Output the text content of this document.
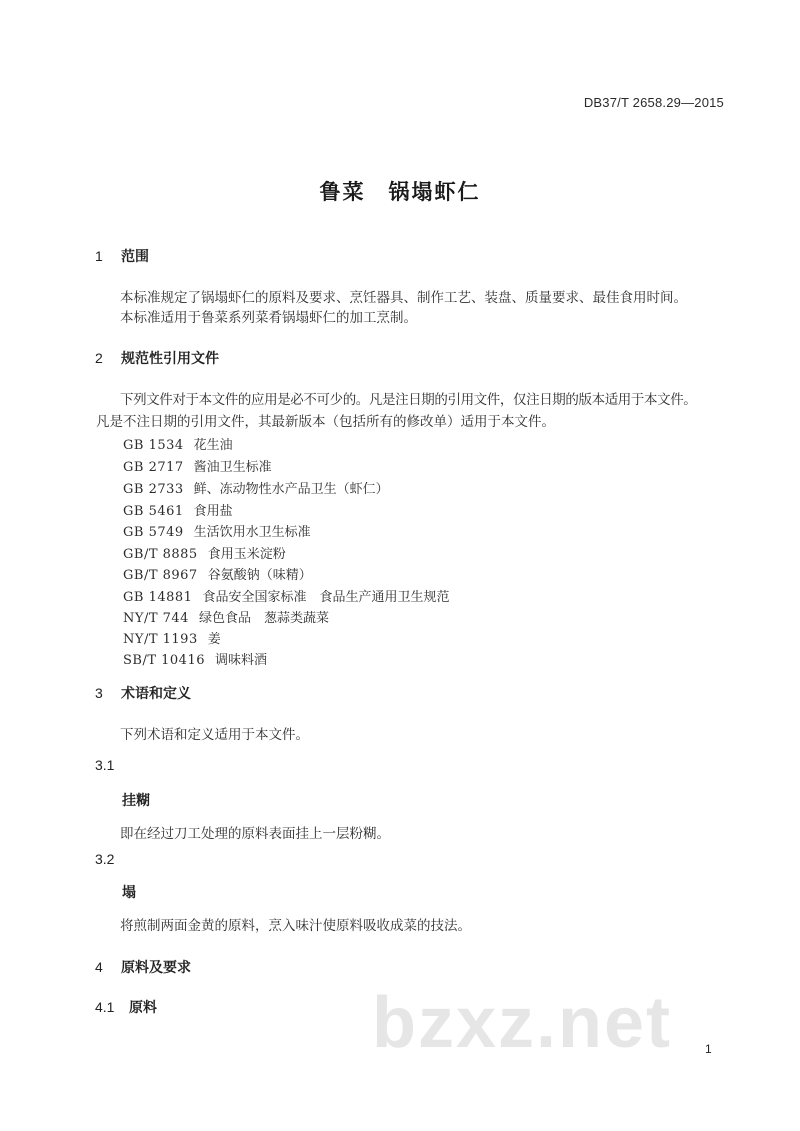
DB37/T 2658.29—2015
鲁菜　锅塌虾仁
1 范围
本标准规定了锅塌虾仁的原料及要求、烹饪器具、制作工艺、装盘、质量要求、最佳食用时间。
本标准适用于鲁菜系列菜肴锅塌虾仁的加工烹制。
2 规范性引用文件
下列文件对于本文件的应用是必不可少的。凡是注日期的引用文件，仅注日期的版本适用于本文件。
凡是不注日期的引用文件，其最新版本（包括所有的修改单）适用于本文件。
GB 1534 花生油
GB 2717 酱油卫生标准
GB 2733 鲜、冻动物性水产品卫生（虾仁）
GB 5461 食用盐
GB 5749 生活饮用水卫生标准
GB/T 8885 食用玉米淀粉
GB/T 8967 谷氨酸钠（味精）
GB 14881 食品安全国家标准　食品生产通用卫生规范
NY/T 744 绿色食品　葱蒜类蔬菜
NY/T 1193 姜
SB/T 10416 调味料酒
3 术语和定义
下列术语和定义适用于本文件。
3.1
挂糊
即在经过刀工处理的原料表面挂上一层粉糊。
3.2
塌
将煎制两面金黄的原料，烹入味汁使原料吸收成菜的技法。
4 原料及要求
4.1 原料	bzxz.net	1
